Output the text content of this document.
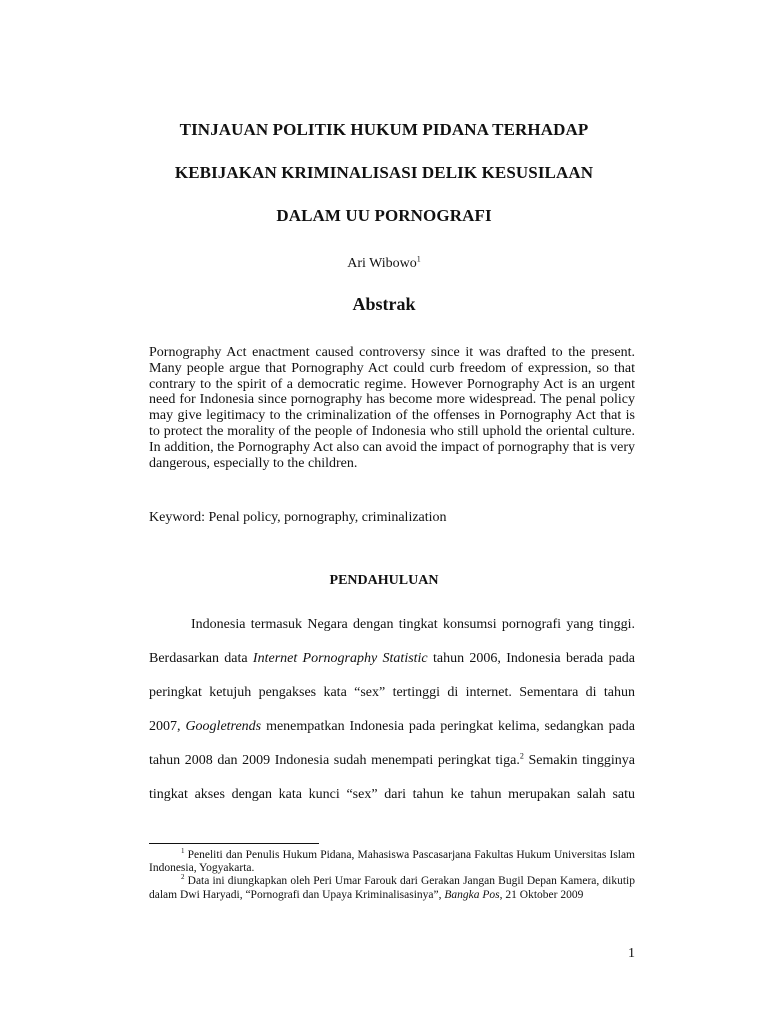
TINJAUAN POLITIK HUKUM PIDANA TERHADAP
KEBIJAKAN KRIMINALISASI DELIK KESUSILAAN
DALAM UU PORNOGRAFI
Ari Wibowo$^1$
Abstrak
Pornography Act enactment caused controversy since it was drafted to the present. Many people argue that Pornography Act could curb freedom of expression, so that contrary to the spirit of a democratic regime. However Pornography Act is an urgent need for Indonesia since pornography has become more widespread. The penal policy may give legitimacy to the criminalization of the offenses in Pornography Act that is to protect the morality of the people of Indonesia who still uphold the oriental culture. In addition, the Pornography Act also can avoid the impact of pornography that is very dangerous, especially to the children.
Keyword: Penal policy, pornography, criminalization
PENDAHULUAN
Indonesia termasuk Negara dengan tingkat konsumsi pornografi yang tinggi.
Berdasarkan data Internet Pornography Statistic tahun 2006, Indonesia berada pada
peringkat ketujuh pengakses kata “sex” tertinggi di internet. Sementara di tahun
2007, Googletrends menempatkan Indonesia pada peringkat kelima, sedangkan pada
tahun 2008 dan 2009 Indonesia sudah menempati peringkat tiga.$^2$ Semakin tingginya
tingkat akses dengan kata kunci “sex” dari tahun ke tahun merupakan salah satu
$^1$ Peneliti dan Penulis Hukum Pidana, Mahasiswa Pascasarjana Fakultas Hukum Universitas Islam Indonesia, Yogyakarta.
$^2$ Data ini diungkapkan oleh Peri Umar Farouk dari Gerakan Jangan Bugil Depan Kamera, dikutip dalam Dwi Haryadi, “Pornografi dan Upaya Kriminalisasinya”, Bangka Pos, 21 Oktober 2009
1
